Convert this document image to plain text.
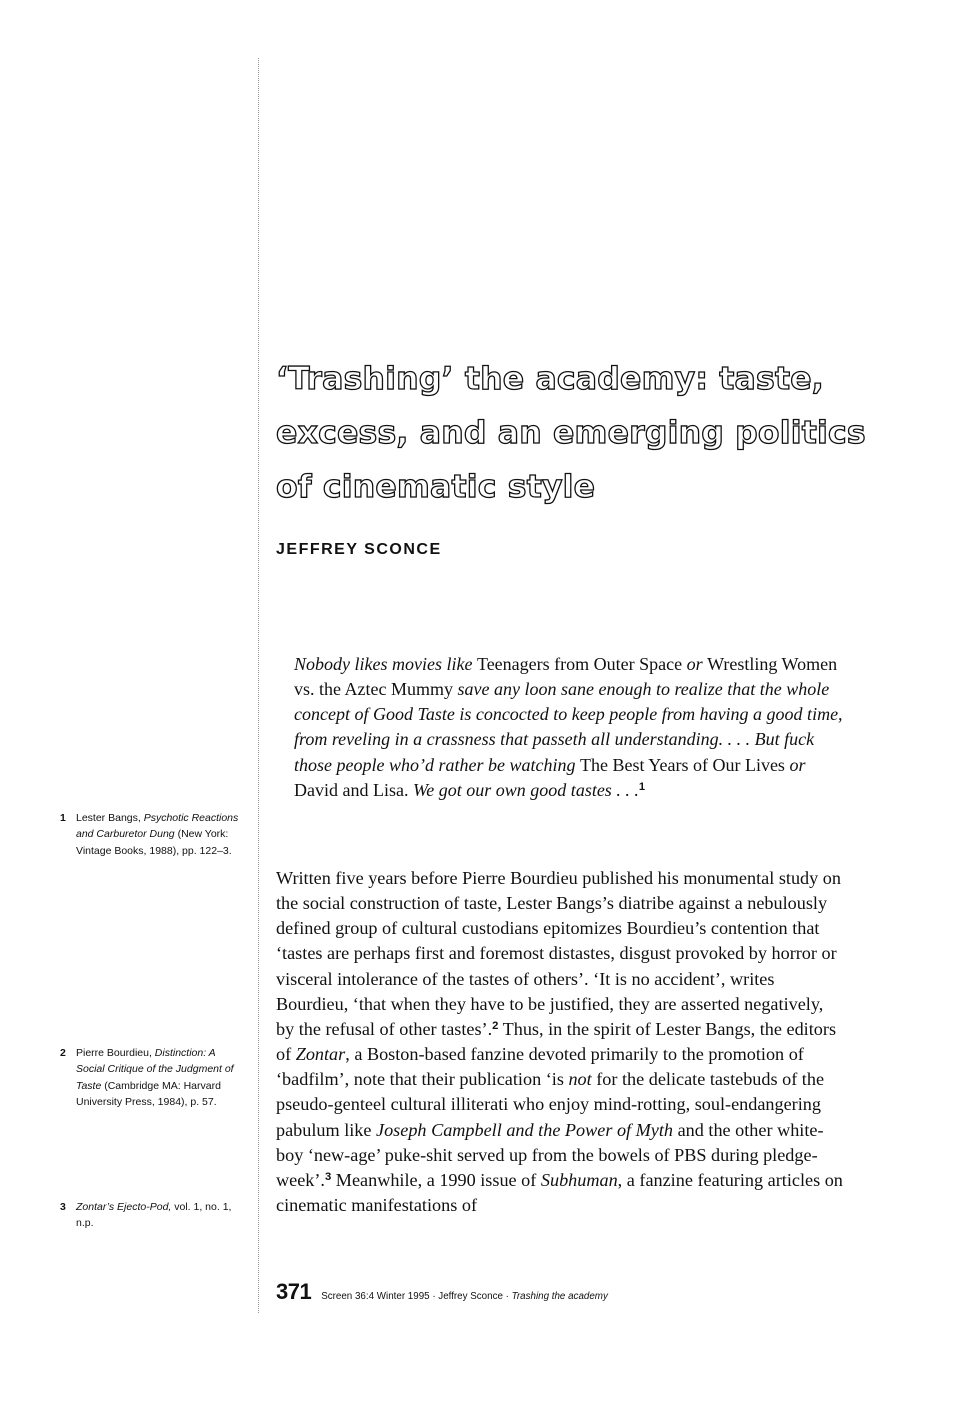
‘Trashing’ the academy: taste, excess, and an emerging politics of cinematic style
JEFFREY SCONCE

Nobody likes movies like Teenagers from Outer Space or Wrestling Women vs. the Aztec Mummy save any loon sane enough to realize that the whole concept of Good Taste is concocted to keep people from having a good time, from reveling in a crassness that passeth all understanding. . . . But fuck those people who’d rather be watching The Best Years of Our Lives or David and Lisa. We got our own good tastes . . .$^1$

Written five years before Pierre Bourdieu published his monumental study on the social construction of taste, Lester Bangs’s diatribe against a nebulously defined group of cultural custodians epitomizes Bourdieu’s contention that ‘tastes are perhaps first and foremost distastes, disgust provoked by horror or visceral intolerance of the tastes of others’. ‘It is no accident’, writes Bourdieu, ‘that when they have to be justified, they are asserted negatively, by the refusal of other tastes’.$^2$ Thus, in the spirit of Lester Bangs, the editors of Zontar, a Boston-based fanzine devoted primarily to the promotion of ‘badfilm’, note that their publication ‘is not for the delicate tastebuds of the pseudo-genteel cultural illiterati who enjoy mind-rotting, soul-endangering pabulum like Joseph Campbell and the Power of Myth and the other white-boy ‘new-age’ puke-shit served up from the bowels of PBS during pledge-week’.$^3$ Meanwhile, a 1990 issue of Subhuman, a fanzine featuring articles on cinematic manifestations of

1 Lester Bangs, Psychotic Reactions and Carburetor Dung (New York: Vintage Books, 1988), pp. 122–3.
2 Pierre Bourdieu, Distinction: A Social Critique of the Judgment of Taste (Cambridge MA: Harvard University Press, 1984), p. 57.
3 Zontar’s Ejecto-Pod, vol. 1, no. 1, n.p.
371 Screen 36:4 Winter 1995 · Jeffrey Sconce · Trashing the academy
